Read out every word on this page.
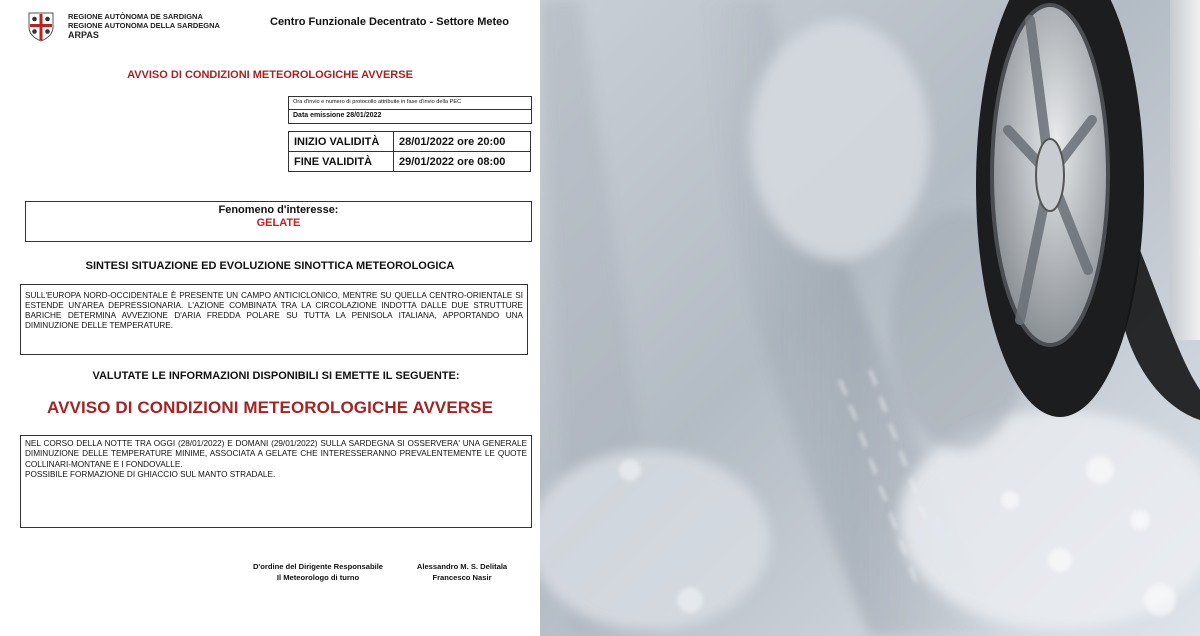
REGIONE AUTÒNOMA DE SARDIGNA
REGIONE AUTONOMA DELLA SARDEGNA
ARPAS
Centro Funzionale Decentrato - Settore Meteo
AVVISO DI CONDIZIONI METEOROLOGICHE AVVERSE
Ora d'invio e numero di protocollo attribuite in fase d'invio della PEC
Data emissione 28/01/2022
INIZIO VALIDITÀ	28/01/2022 ore 20:00
FINE VALIDITÀ	29/01/2022 ore 08:00
Fenomeno d'interesse:
GELATE
SINTESI SITUAZIONE ED EVOLUZIONE SINOTTICA METEOROLOGICA
SULL'EUROPA NORD-OCCIDENTALE È PRESENTE UN CAMPO ANTICICLONICO, MENTRE SU QUELLA CENTRO-ORIENTALE SI ESTENDE UN'AREA DEPRESSIONARIA. L'AZIONE COMBINATA TRA LA CIRCOLAZIONE INDOTTA DALLE DUE STRUTTURE BARICHE DETERMINA AVVEZIONE D'ARIA FREDDA POLARE SU TUTTA LA PENISOLA ITALIANA, APPORTANDO UNA DIMINUZIONE DELLE TEMPERATURE.
VALUTATE LE INFORMAZIONI DISPONIBILI SI EMETTE IL SEGUENTE:
AVVISO DI CONDIZIONI METEOROLOGICHE AVVERSE
NEL CORSO DELLA NOTTE TRA OGGI (28/01/2022) E DOMANI (29/01/2022) SULLA SARDEGNA SI OSSERVERA' UNA GENERALE DIMINUZIONE DELLE TEMPERATURE MINIME, ASSOCIATA A GELATE CHE INTERESSERANNO PREVALENTEMENTE LE QUOTE COLLINARI-MONTANE E I FONDOVALLE.
POSSIBILE FORMAZIONE DI GHIACCIO SUL MANTO STRADALE.
D'ordine del Dirigente Responsabile
Il Meteorologo di turno
Alessandro M. S. Delitala
Francesco Nasir
